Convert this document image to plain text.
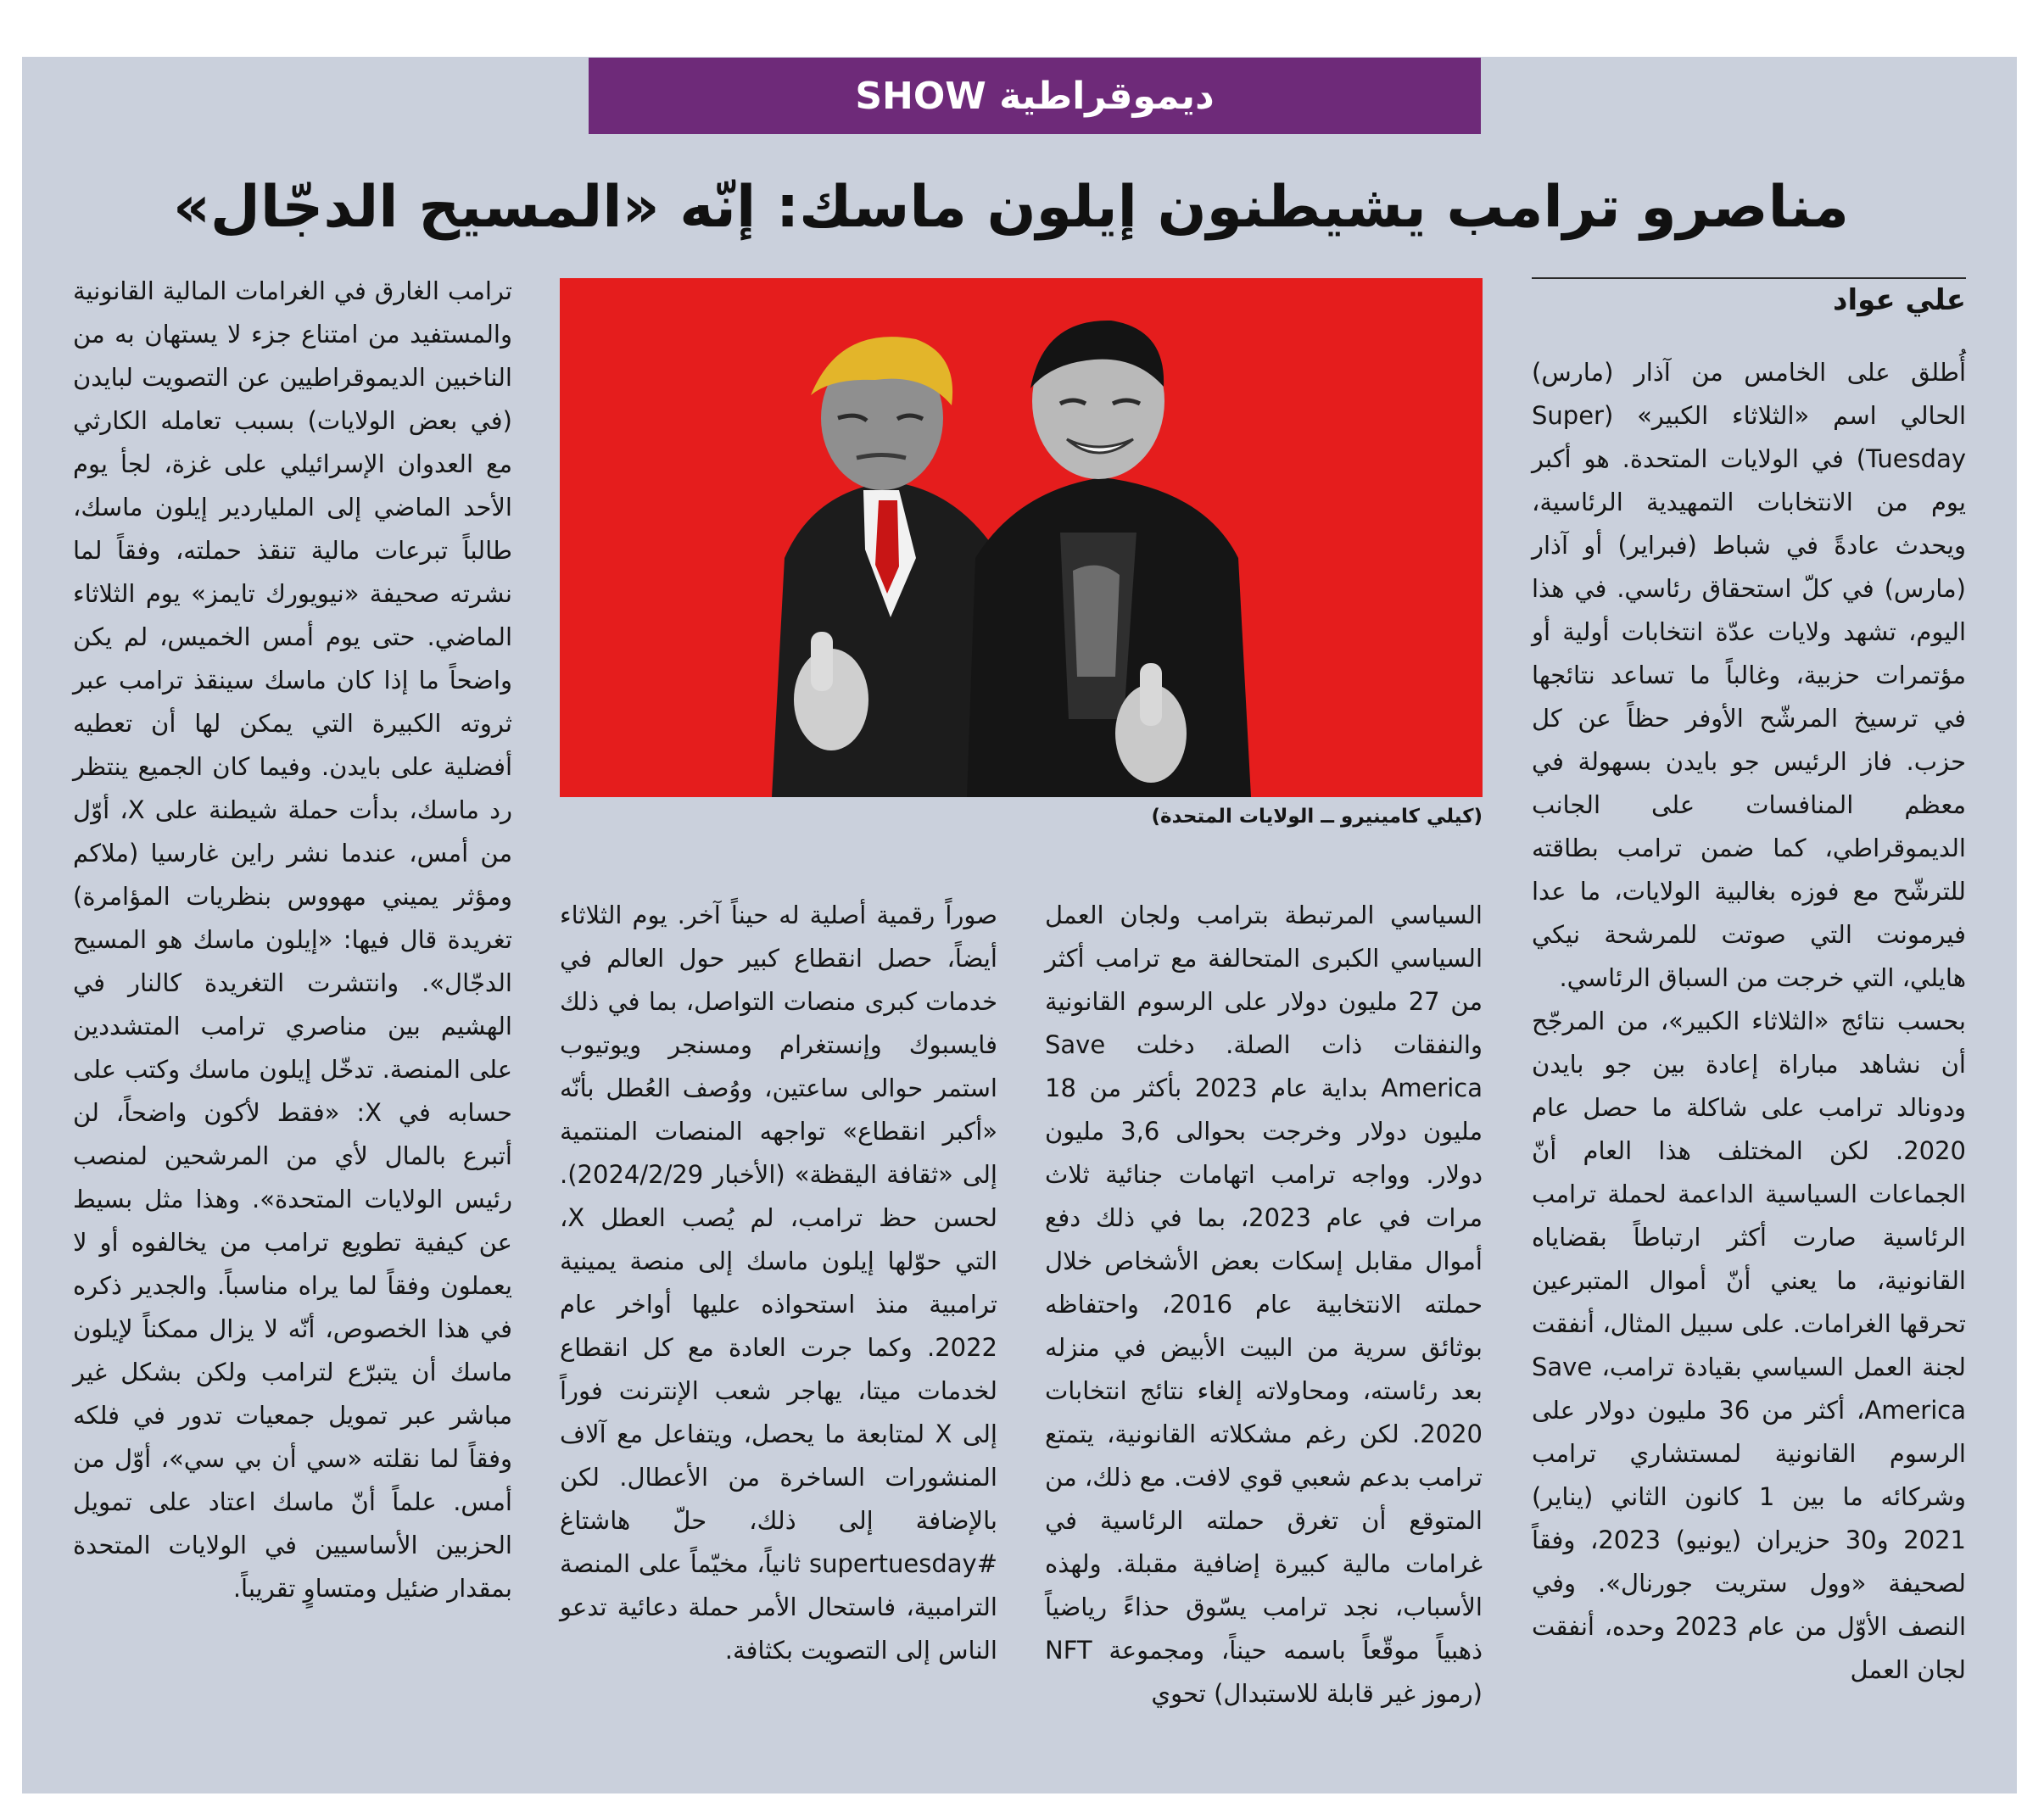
ديموقراطية SHOW
مناصرو ترامب يشيطنون إيلون ماسك: إنّه «المسيح الدجّال»
علي عواد

أُطلق على الخامس من آذار (مارس) الحالي اسم «الثلاثاء الكبير» (Super Tuesday) في الولايات المتحدة. هو أكبر يوم من الانتخابات التمهيدية الرئاسية، ويحدث عادةً في شباط (فبراير) أو آذار (مارس) في كلّ استحقاق رئاسي. في هذا اليوم، تشهد ولايات عدّة انتخابات أولية أو مؤتمرات حزبية، وغالباً ما تساعد نتائجها في ترسيخ المرشّح الأوفر حظاً عن كل حزب. فاز الرئيس جو بايدن بسهولة في معظم المنافسات على الجانب الديموقراطي، كما ضمن ترامب بطاقته للترشّح مع فوزه بغالبية الولايات، ما عدا فيرمونت التي صوتت للمرشحة نيكي هايلي، التي خرجت من السباق الرئاسي.

بحسب نتائج «الثلاثاء الكبير»، من المرجّح أن نشاهد مباراة إعادة بين جو بايدن ودونالد ترامب على شاكلة ما حصل عام 2020. لكن المختلف هذا العام أنّ الجماعات السياسية الداعمة لحملة ترامب الرئاسية صارت أكثر ارتباطاً بقضاياه القانونية، ما يعني أنّ أموال المتبرعين تحرقها الغرامات. على سبيل المثال، أنفقت لجنة العمل السياسي بقيادة ترامب، Save America، أكثر من 36 مليون دولار على الرسوم القانونية لمستشاري ترامب وشركائه ما بين 1 كانون الثاني (يناير) 2021 و30 حزيران (يونيو) 2023، وفقاً لصحيفة «وول ستريت جورنال». وفي النصف الأوّل من عام 2023 وحده، أنفقت لجان العمل

(كيلي كامينيرو ــ الولايات المتحدة)

السياسي المرتبطة بترامب ولجان العمل السياسي الكبرى المتحالفة مع ترامب أكثر من 27 مليون دولار على الرسوم القانونية والنفقات ذات الصلة. دخلت Save America بداية عام 2023 بأكثر من 18 مليون دولار وخرجت بحوالى 3,6 مليون دولار. وواجه ترامب اتهامات جنائية ثلاث مرات في عام 2023، بما في ذلك دفع أموال مقابل إسكات بعض الأشخاص خلال حملته الانتخابية عام 2016، واحتفاظه بوثائق سرية من البيت الأبيض في منزله بعد رئاسته، ومحاولاته إلغاء نتائج انتخابات 2020. لكن رغم مشكلاته القانونية، يتمتع ترامب بدعم شعبي قوي لافت. مع ذلك، من المتوقع أن تغرق حملته الرئاسية في غرامات مالية كبيرة إضافية مقبلة. ولهذه الأسباب، نجد ترامب يسّوق حذاءً رياضياً ذهبياً موقّعاً باسمه حيناً، ومجموعة NFT (رموز غير قابلة للاستبدال) تحوي

صوراً رقمية أصلية له حيناً آخر. يوم الثلاثاء أيضاً، حصل انقطاع كبير حول العالم في خدمات كبرى منصات التواصل، بما في ذلك فايسبوك وإنستغرام ومسنجر ويوتيوب استمر حوالى ساعتين، ووُصف العُطل بأنّه «أكبر انقطاع» تواجهه المنصات المنتمية إلى «ثقافة اليقظة» (الأخبار 2024/2/29). لحسن حظ ترامب، لم يُصب العطل X، التي حوّلها إيلون ماسك إلى منصة يمينية ترامبية منذ استحواذه عليها أواخر عام 2022. وكما جرت العادة مع كل انقطاع لخدمات ميتا، يهاجر شعب الإنترنت فوراً إلى X لمتابعة ما يحصل، ويتفاعل مع آلاف المنشورات الساخرة من الأعطال. لكن بالإضافة إلى ذلك، حلّ هاشتاغ #supertuesday ثانياً، مخيّماً على المنصة الترامبية، فاستحال الأمر حملة دعائية تدعو الناس إلى التصويت بكثافة.

ترامب الغارق في الغرامات المالية القانونية والمستفيد من امتناع جزء لا يستهان به من الناخبين الديموقراطيين عن التصويت لبايدن (في بعض الولايات) بسبب تعامله الكارثي مع العدوان الإسرائيلي على غزة، لجأ يوم الأحد الماضي إلى الملياردير إيلون ماسك، طالباً تبرعات مالية تنقذ حملته، وفقاً لما نشرته صحيفة «نيويورك تايمز» يوم الثلاثاء الماضي. حتى يوم أمس الخميس، لم يكن واضحاً ما إذا كان ماسك سينقذ ترامب عبر ثروته الكبيرة التي يمكن لها أن تعطيه أفضلية على بايدن. وفيما كان الجميع ينتظر رد ماسك، بدأت حملة شيطنة على X، أوّل من أمس، عندما نشر راين غارسيا (ملاكم ومؤثر يميني مهووس بنظريات المؤامرة) تغريدة قال فيها: «إيلون ماسك هو المسيح الدجّال». وانتشرت التغريدة كالنار في الهشيم بين مناصري ترامب المتشددين على المنصة. تدخّل إيلون ماسك وكتب على حسابه في X: «فقط لأكون واضحاً، لن أتبرع بالمال لأي من المرشحين لمنصب رئيس الولايات المتحدة». وهذا مثل بسيط عن كيفية تطويع ترامب من يخالفوه أو لا يعملون وفقاً لما يراه مناسباً. والجدير ذكره في هذا الخصوص، أنّه لا يزال ممكناً لإيلون ماسك أن يتبرّع لترامب ولكن بشكل غير مباشر عبر تمويل جمعيات تدور في فلكه وفقاً لما نقلته «سي أن بي سي»، أوّل من أمس. علماً أنّ ماسك اعتاد على تمويل الحزبين الأساسيين في الولايات المتحدة بمقدار ضئيل ومتساوٍ تقريباً.
